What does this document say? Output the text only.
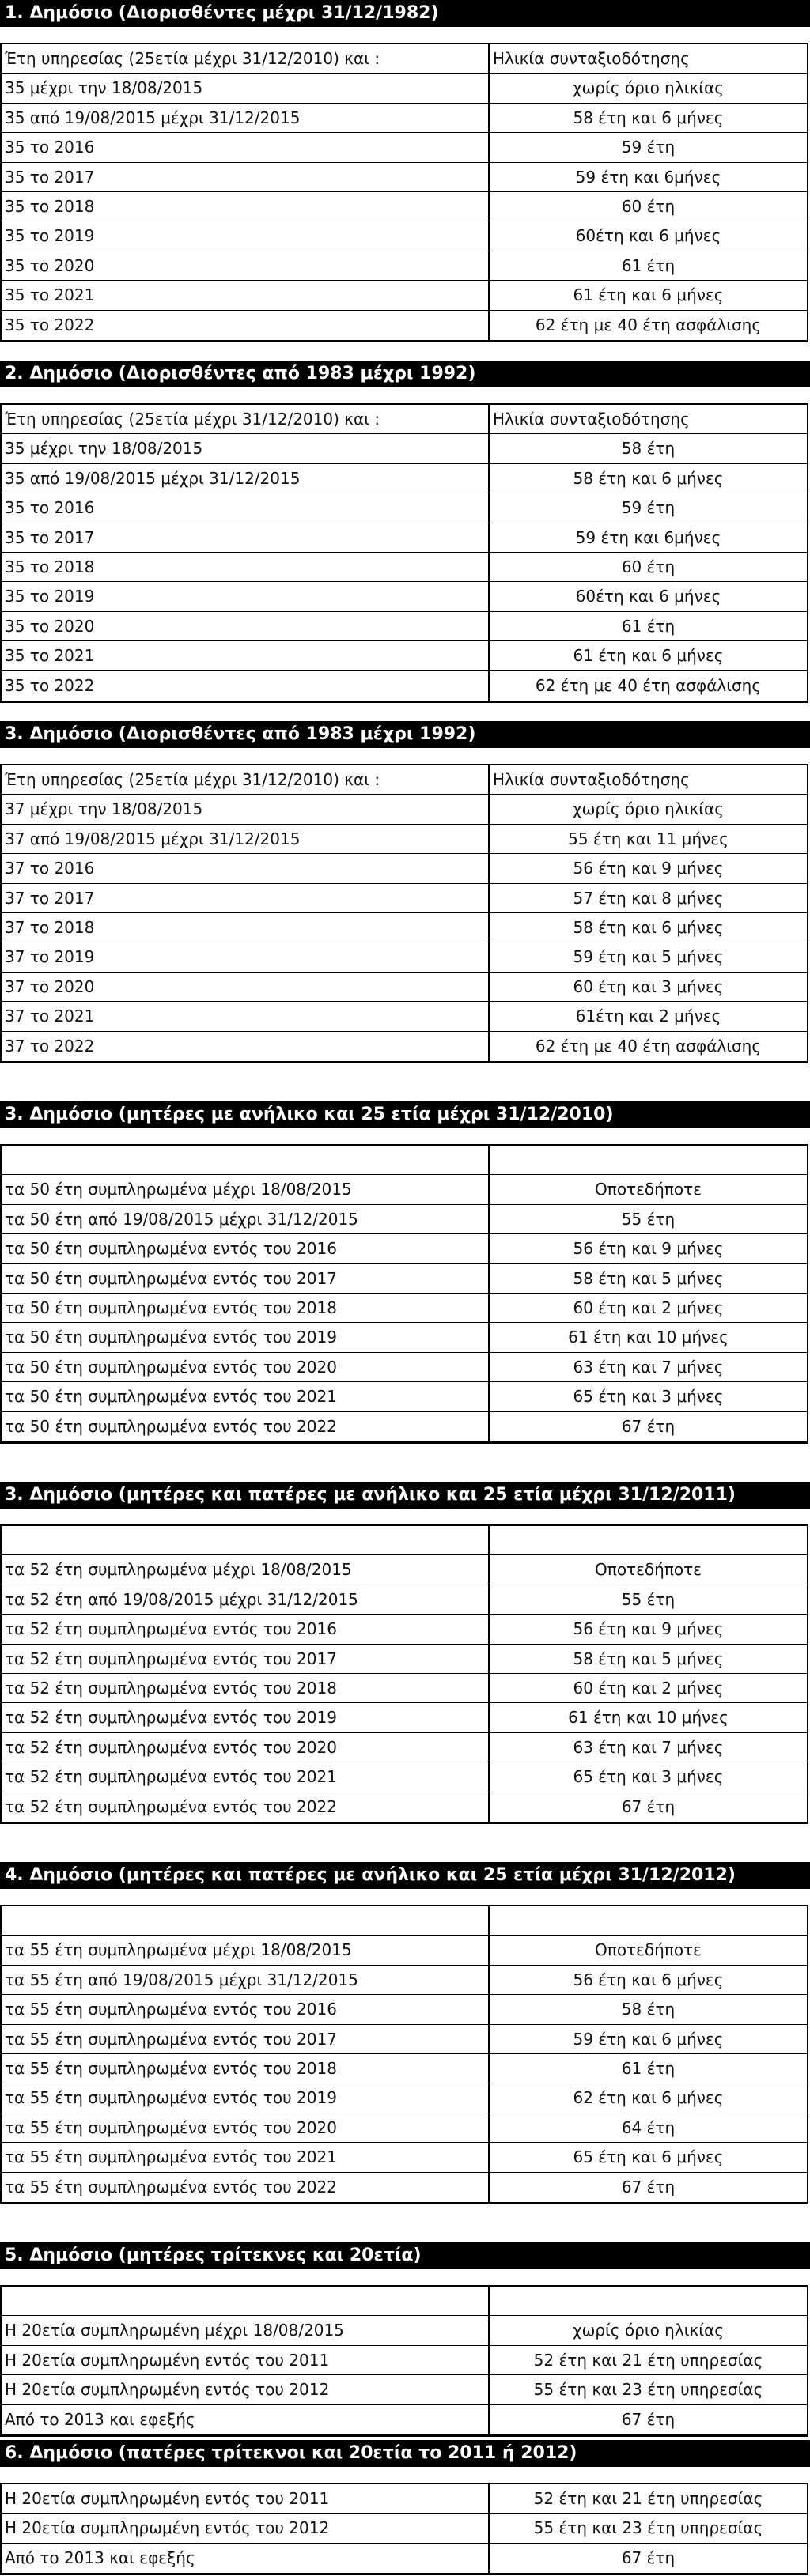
1. Δημόσιο (Διορισθέντες μέχρι 31/12/1982)
Έτη υπηρεσίας (25ετία μέχρι 31/12/2010) και :	Ηλικία συνταξιοδότησης
35 μέχρι την 18/08/2015	χωρίς όριο ηλικίας
35 από 19/08/2015 μέχρι 31/12/2015	58 έτη και 6 μήνες
35 το 2016	59 έτη
35 το 2017	59 έτη και 6μήνες
35 το 2018	60 έτη
35 το 2019	60έτη και 6 μήνες
35 το 2020	61 έτη
35 το 2021	61 έτη και 6 μήνες
35 το 2022	62 έτη με 40 έτη ασφάλισης
2. Δημόσιο (Διορισθέντες από 1983 μέχρι 1992)
Έτη υπηρεσίας (25ετία μέχρι 31/12/2010) και :	Ηλικία συνταξιοδότησης
35 μέχρι την 18/08/2015	58 έτη
35 από 19/08/2015 μέχρι 31/12/2015	58 έτη και 6 μήνες
35 το 2016	59 έτη
35 το 2017	59 έτη και 6μήνες
35 το 2018	60 έτη
35 το 2019	60έτη και 6 μήνες
35 το 2020	61 έτη
35 το 2021	61 έτη και 6 μήνες
35 το 2022	62 έτη με 40 έτη ασφάλισης
3. Δημόσιο (Διορισθέντες από 1983 μέχρι 1992)
Έτη υπηρεσίας (25ετία μέχρι 31/12/2010) και :	Ηλικία συνταξιοδότησης
37 μέχρι την 18/08/2015	χωρίς όριο ηλικίας
37 από 19/08/2015 μέχρι 31/12/2015	55 έτη και 11 μήνες
37 το 2016	56 έτη και 9 μήνες
37 το 2017	57 έτη και 8 μήνες
37 το 2018	58 έτη και 6 μήνες
37 το 2019	59 έτη και 5 μήνες
37 το 2020	60 έτη και 3 μήνες
37 το 2021	61έτη και 2 μήνες
37 το 2022	62 έτη με 40 έτη ασφάλισης
3. Δημόσιο (μητέρες με ανήλικο και 25 ετία μέχρι 31/12/2010)
τα 50 έτη συμπληρωμένα μέχρι 18/08/2015	Οποτεδήποτε
τα 50 έτη από 19/08/2015 μέχρι 31/12/2015	55 έτη
τα 50 έτη συμπληρωμένα εντός του 2016	56 έτη και 9 μήνες
τα 50 έτη συμπληρωμένα εντός του 2017	58 έτη και 5 μήνες
τα 50 έτη συμπληρωμένα εντός του 2018	60 έτη και 2 μήνες
τα 50 έτη συμπληρωμένα εντός του 2019	61 έτη και 10 μήνες
τα 50 έτη συμπληρωμένα εντός του 2020	63 έτη και 7 μήνες
τα 50 έτη συμπληρωμένα εντός του 2021	65 έτη και 3 μήνες
τα 50 έτη συμπληρωμένα εντός του 2022	67 έτη
3. Δημόσιο (μητέρες και πατέρες με ανήλικο και 25 ετία μέχρι 31/12/2011)
τα 52 έτη συμπληρωμένα μέχρι 18/08/2015	Οποτεδήποτε
τα 52 έτη από 19/08/2015 μέχρι 31/12/2015	55 έτη
τα 52 έτη συμπληρωμένα εντός του 2016	56 έτη και 9 μήνες
τα 52 έτη συμπληρωμένα εντός του 2017	58 έτη και 5 μήνες
τα 52 έτη συμπληρωμένα εντός του 2018	60 έτη και 2 μήνες
τα 52 έτη συμπληρωμένα εντός του 2019	61 έτη και 10 μήνες
τα 52 έτη συμπληρωμένα εντός του 2020	63 έτη και 7 μήνες
τα 52 έτη συμπληρωμένα εντός του 2021	65 έτη και 3 μήνες
τα 52 έτη συμπληρωμένα εντός του 2022	67 έτη
4. Δημόσιο (μητέρες και πατέρες με ανήλικο και 25 ετία μέχρι 31/12/2012)
τα 55 έτη συμπληρωμένα μέχρι 18/08/2015	Οποτεδήποτε
τα 55 έτη από 19/08/2015 μέχρι 31/12/2015	56 έτη και 6 μήνες
τα 55 έτη συμπληρωμένα εντός του 2016	58 έτη
τα 55 έτη συμπληρωμένα εντός του 2017	59 έτη και 6 μήνες
τα 55 έτη συμπληρωμένα εντός του 2018	61 έτη
τα 55 έτη συμπληρωμένα εντός του 2019	62 έτη και 6 μήνες
τα 55 έτη συμπληρωμένα εντός του 2020	64 έτη
τα 55 έτη συμπληρωμένα εντός του 2021	65 έτη και 6 μήνες
τα 55 έτη συμπληρωμένα εντός του 2022	67 έτη
5. Δημόσιο (μητέρες τρίτεκνες και 20ετία)
Η 20ετία συμπληρωμένη μέχρι 18/08/2015	χωρίς όριο ηλικίας
Η 20ετία συμπληρωμένη εντός του 2011	52 έτη και 21 έτη υπηρεσίας
Η 20ετία συμπληρωμένη εντός του 2012	55 έτη και 23 έτη υπηρεσίας
Από το 2013 και εφεξής	67 έτη
6. Δημόσιο (πατέρες τρίτεκνοι και 20ετία το 2011 ή 2012)
Η 20ετία συμπληρωμένη εντός του 2011	52 έτη και 21 έτη υπηρεσίας
Η 20ετία συμπληρωμένη εντός του 2012	55 έτη και 23 έτη υπηρεσίας
Από το 2013 και εφεξής	67 έτη
